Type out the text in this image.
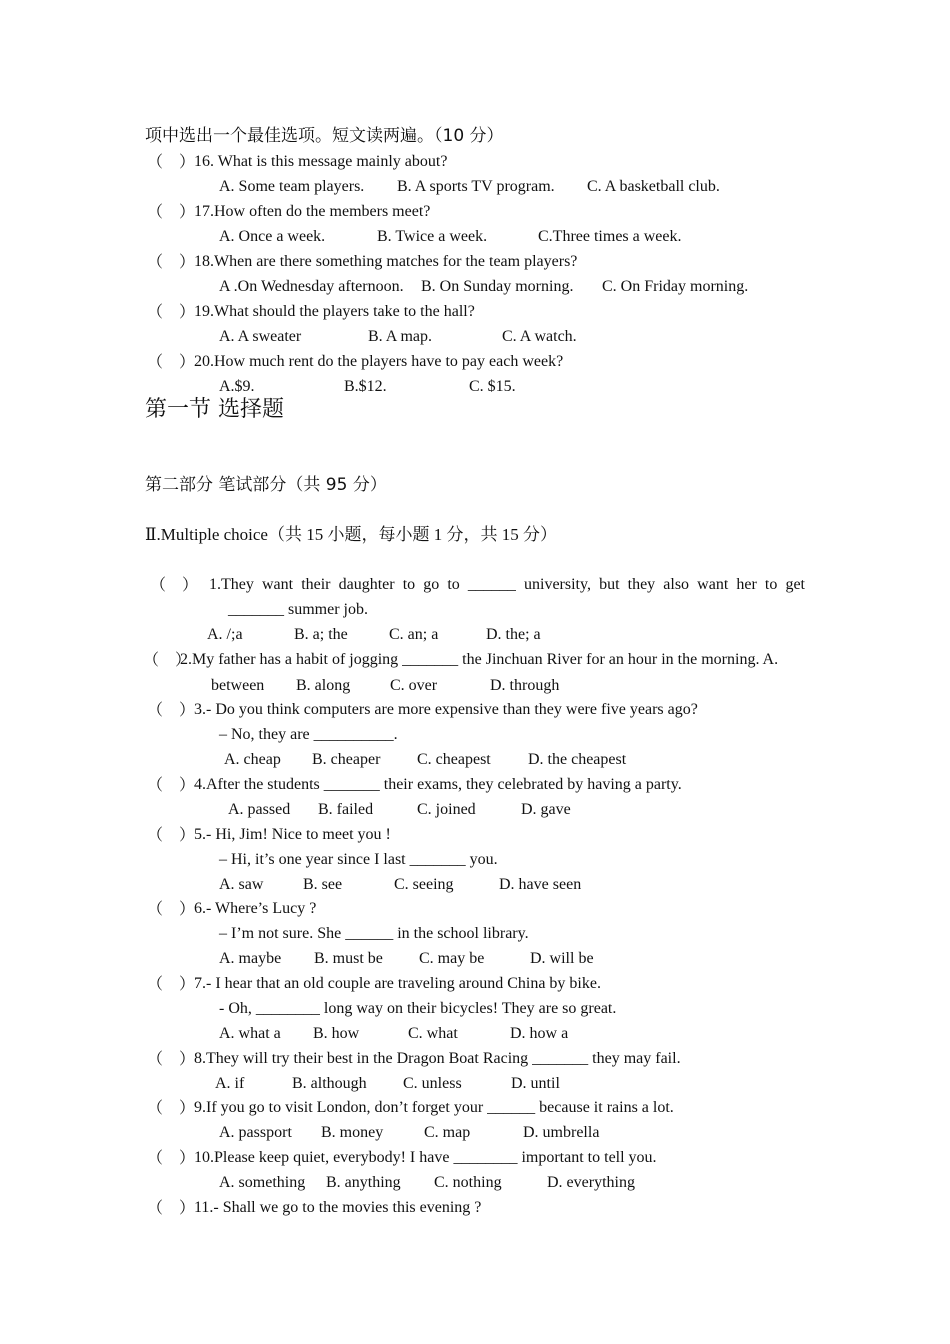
项中选出一个最佳选项。短文读两遍。（10 分）
（　）
16. What is this message mainly about?
A. Some team players. B. A sports TV program. C. A basketball club.
（　）
17.How often do the members meet?
A. Once a week.	B. Twice a week.	C.Three times a week.
（　）
18.When are there something matches for the team players?
A .On Wednesday afternoon. B. On Sunday morning. C. On Friday morning.
（　）
19.What should the players take to the hall?
A. A sweater	B. A map.	C. A watch.
（　）
20.How much rent do the players have to pay each week?
A.$9.	B.$12.	C. $15.
第一节 选择题
第二部分 笔试部分（共 95 分）
Ⅱ.Multiple choice（共 15 小题，每小题 1 分，共 15 分）
（　） 1.They want their daughter to go to ______ university, but they also want her to get
_______ summer job.
A. /;a	B. a; the	C. an; a	D. the; a
（　）
2.My father has a habit of jogging _______ the Jinchuan River for an hour in the morning. A.
between B. along C. over	D. through
（　）
3.- Do you think computers are more expensive than they were five years ago?
– No, they are __________.
A. cheap B. cheaper C. cheapest D. the cheapest
（　）
4.After the students _______ their exams, they celebrated by having a party.
A. passed B. failed	C. joined	D. gave
（　）
5.- Hi, Jim! Nice to meet you !
– Hi, it’s one year since I last _______ you.
A. saw B. see	C. seeing	D. have seen
（　）
6.- Where’s Lucy ?
– I’m not sure. She ______ in the school library.
A. maybe B. must be C. may be	D. will be
（　）
7.- I hear that an old couple are traveling around China by bike.
- Oh, ________ long way on their bicycles! They are so great.
A. what a B. how	C. what	D. how a
（　）
8.They will try their best in the Dragon Boat Racing _______ they may fail.
A. if	B. although C. unless	D. until
（　）
9.If you go to visit London, don’t forget your ______ because it rains a lot.
A. passport B. money	C. map	D. umbrella
（　）
10.Please keep quiet, everybody! I have ________ important to tell you.
A. something B. anything C. nothing	D. everything
（　）
11.- Shall we go to the movies this evening ?
